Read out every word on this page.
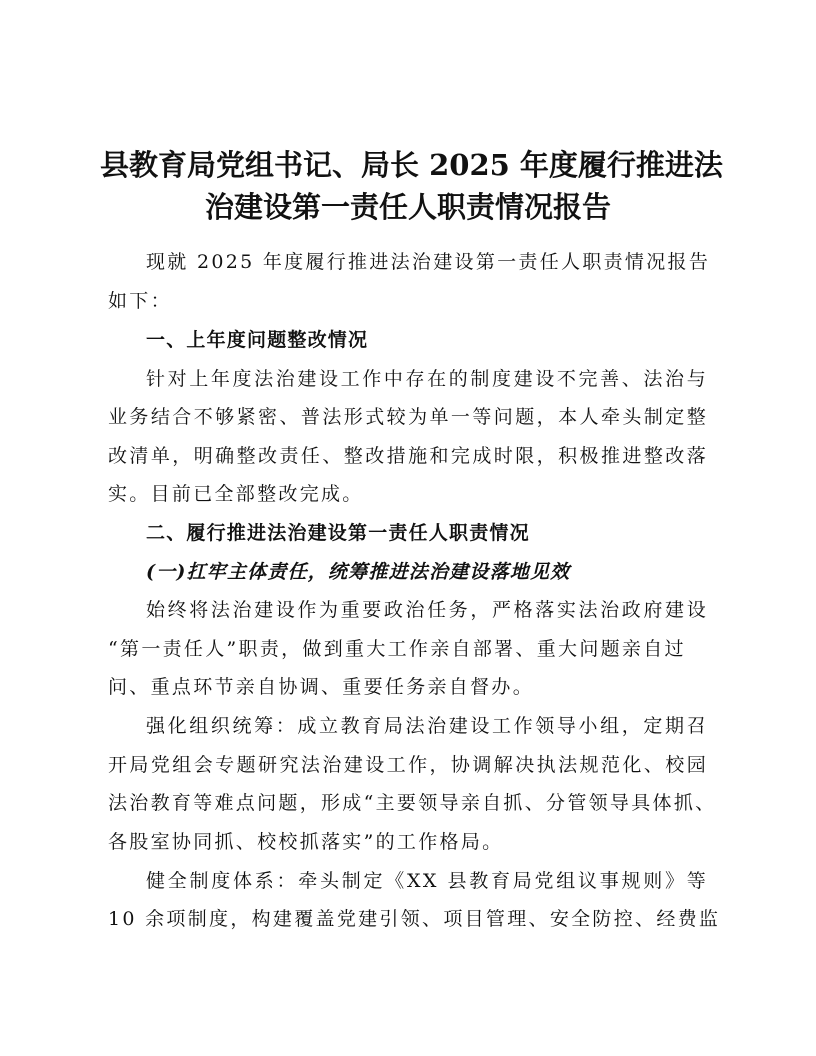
县教育局党组书记、局长 2025 年度履行推进法
治建设第一责任人职责情况报告
现就 2025 年度履行推进法治建设第一责任人职责情况报告
如下：
一、上年度问题整改情况
针对上年度法治建设工作中存在的制度建设不完善、法治与
业务结合不够紧密、普法形式较为单一等问题，本人牵头制定整
改清单，明确整改责任、整改措施和完成时限，积极推进整改落
实。目前已全部整改完成。
二、履行推进法治建设第一责任人职责情况
(一)扛牢主体责任，统筹推进法治建设落地见效
始终将法治建设作为重要政治任务，严格落实法治政府建设
“第一责任人”职责，做到重大工作亲自部署、重大问题亲自过
问、重点环节亲自协调、重要任务亲自督办。
强化组织统筹：成立教育局法治建设工作领导小组，定期召
开局党组会专题研究法治建设工作，协调解决执法规范化、校园
法治教育等难点问题，形成“主要领导亲自抓、分管领导具体抓、
各股室协同抓、校校抓落实”的工作格局。
健全制度体系：牵头制定《XX 县教育局党组议事规则》等
10 余项制度，构建覆盖党建引领、项目管理、安全防控、经费监
